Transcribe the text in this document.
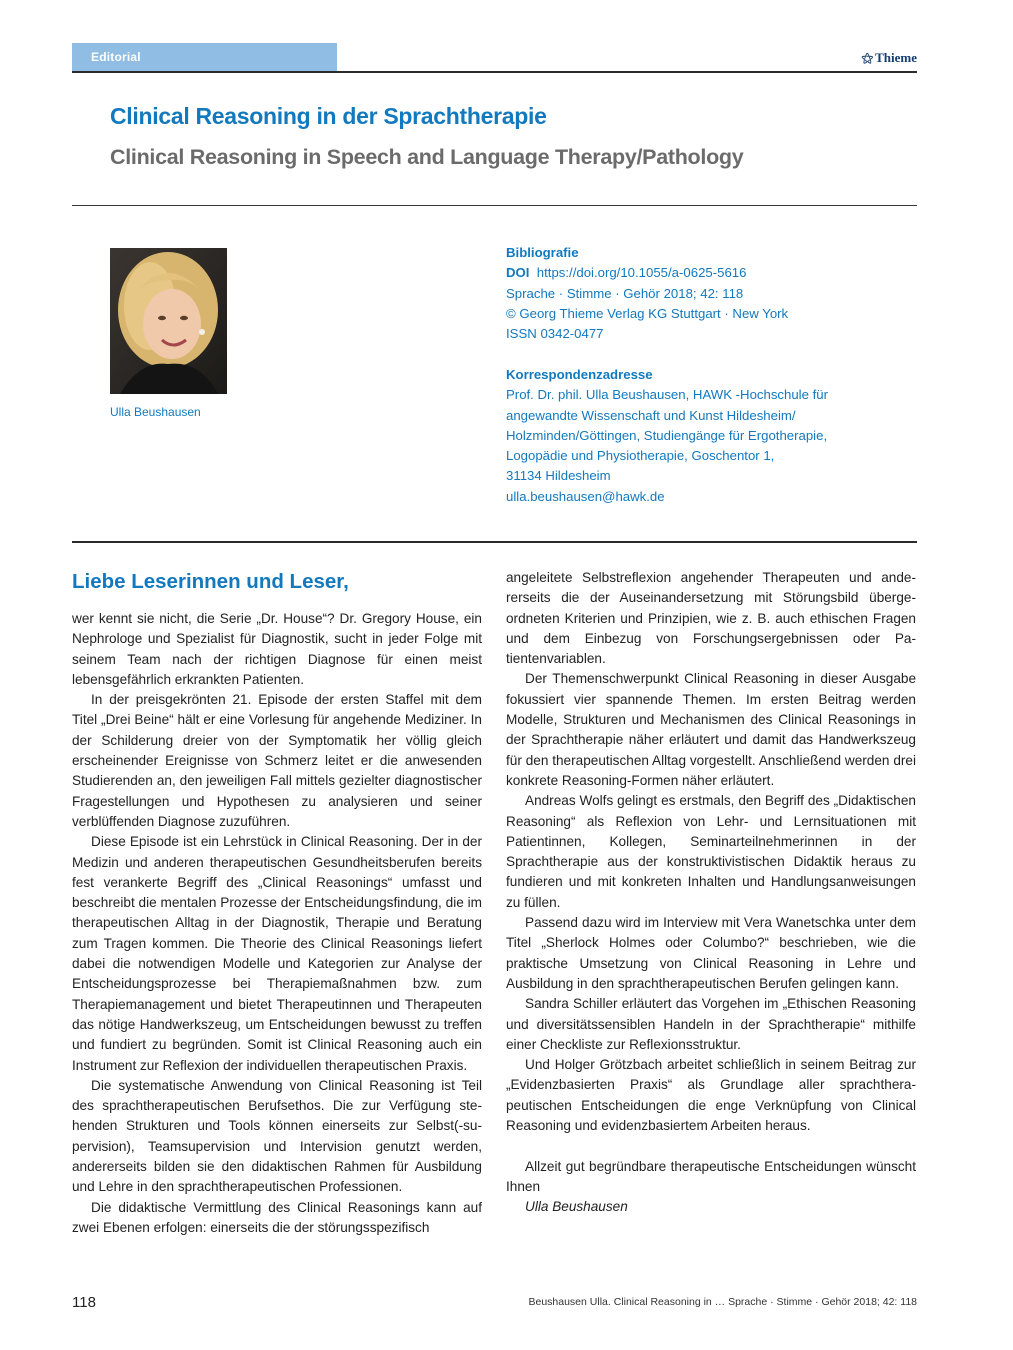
Editorial	⚝ Thieme
Clinical Reasoning in der Sprachtherapie
Clinical Reasoning in Speech and Language Therapy/Pathology
Ulla Beushausen
Bibliografie
DOI https://doi.org/10.1055/a-0625-5616
Sprache · Stimme · Gehör 2018; 42: 118
© Georg Thieme Verlag KG Stuttgart · New York
ISSN 0342-0477
Korrespondenzadresse
Prof. Dr. phil. Ulla Beushausen, HAWK -Hochschule für
angewandte Wissenschaft und Kunst Hildesheim/
Holzminden/Göttingen, Studiengänge für Ergotherapie,
Logopädie und Physiotherapie, Goschentor 1,
31134 Hildesheim
ulla.beushausen@hawk.de
Liebe Leserinnen und Leser,

wer kennt sie nicht, die Serie „Dr. House“? Dr. Gregory House, ein Nephrologe und Spezialist für Diagnostik, sucht in jeder Folge mit seinem Team nach der richtigen Diagnose für einen meist lebensgefährlich erkrankten Patienten.

In der preisgekrönten 21. Episode der ersten Staffel mit dem Titel „Drei Beine“ hält er eine Vorlesung für angehende Mediziner. In der Schilderung dreier von der Symptomatik her völlig gleich erscheinender Ereignisse von Schmerz leitet er die anwesenden Studierenden an, den jeweiligen Fall mittels gezielter diagnostischer Fragestellungen und Hypothesen zu analysieren und seiner verblüffenden Diagnose zuzuführen.

Diese Episode ist ein Lehrstück in Clinical Reasoning. Der in der Medizin und anderen therapeutischen Gesundheitsberufen bereits fest verankerte Begriff des „Clinical Reasonings“ umfasst und beschreibt die mentalen Prozesse der Entscheidungsfindung, die im therapeutischen Alltag in der Diagnostik, Therapie und Beratung zum Tragen kommen. Die Theorie des Clinical Reasonings liefert dabei die notwendigen Modelle und Kategorien zur Analyse der Entscheidungsprozesse bei Therapiemaßnahmen bzw. zum Therapiemanagement und bietet Therapeutinnen und Therapeuten das nötige Handwerkszeug, um Entscheidungen bewusst zu treffen und fundiert zu begründen. Somit ist Clinical Reasoning auch ein Instrument zur Reflexion der individuellen therapeutischen Praxis.

Die systematische Anwendung von Clinical Reasoning ist Teil des sprachtherapeutischen Berufsethos. Die zur Verfügung stehenden Strukturen und Tools können einerseits zur Selbst(-supervision), Teamsupervision und Intervision genutzt werden, andererseits bilden sie den didaktischen Rahmen für Ausbildung und Lehre in den sprachtherapeutischen Professionen.

Die didaktische Vermittlung des Clinical Reasonings kann auf zwei Ebenen erfolgen: einerseits die der störungsspezifisch

angeleitete Selbstreflexion angehender Therapeuten und andererseits die der Auseinandersetzung mit Störungsbild übergeordneten Kriterien und Prinzipien, wie z. B. auch ethischen Fragen und dem Einbezug von Forschungsergebnissen oder Patientenvariablen.

Der Themenschwerpunkt Clinical Reasoning in dieser Ausgabe fokussiert vier spannende Themen. Im ersten Beitrag werden Modelle, Strukturen und Mechanismen des Clinical Reasonings in der Sprachtherapie näher erläutert und damit das Handwerkszeug für den therapeutischen Alltag vorgestellt. Anschließend werden drei konkrete Reasoning-Formen näher erläutert.

Andreas Wolfs gelingt es erstmals, den Begriff des „Didaktischen Reasoning“ als Reflexion von Lehr- und Lernsituationen mit Patientinnen, Kollegen, Seminarteilnehmerinnen in der Sprachtherapie aus der konstruktivistischen Didaktik heraus zu fundieren und mit konkreten Inhalten und Handlungsanweisungen zu füllen.

Passend dazu wird im Interview mit Vera Wanetschka unter dem Titel „Sherlock Holmes oder Columbo?“ beschrieben, wie die praktische Umsetzung von Clinical Reasoning in Lehre und Ausbildung in den sprachtherapeutischen Berufen gelingen kann.

Sandra Schiller erläutert das Vorgehen im „Ethischen Reasoning und diversitätssensiblen Handeln in der Sprachtherapie“ mithilfe einer Checkliste zur Reflexionsstruktur.

Und Holger Grötzbach arbeitet schließlich in seinem Beitrag zur „Evidenzbasierten Praxis“ als Grundlage aller sprachtherapeutischen Entscheidungen die enge Verknüpfung von Clinical Reasoning und evidenzbasiertem Arbeiten heraus.

Allzeit gut begründbare therapeutische Entscheidungen wünscht Ihnen

Ulla Beushausen

118	Beushausen Ulla. Clinical Reasoning in … Sprache · Stimme · Gehör 2018; 42: 118
